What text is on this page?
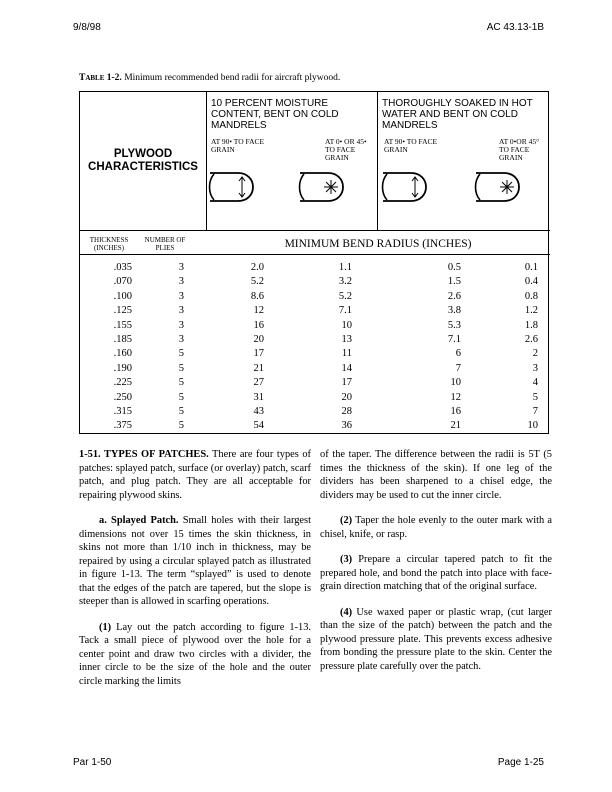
9/8/98	AC 43.13-1B
Table 1-2. Minimum recommended bend radii for aircraft plywood.
10 PERCENT MOISTURE CONTENT, BENT ON COLD MANDRELS
THOROUGHLY SOAKED IN HOT WATER AND BENT ON COLD MANDRELS
AT 90• TO FACE GRAIN
AT 0• OR 45• TO FACE GRAIN
AT 90• TO FACE GRAIN
AT 0•OR 45° TO FACE GRAIN
PLYWOOD CHARACTERISTICS
THICKNESS (INCHES)
NUMBER OF PLIES	MINIMUM BEND RADIUS (INCHES)
.035	3	2.0	1.1	0.5	0.1
.070	3	5.2	3.2	1.5	0.4
.100	3	8.6	5.2	2.6	0.8
.125	3	12	7.1	3.8	1.2
.155	3	16	10	5.3	1.8
.185	3	20	13	7.1	2.6
.160	5	17	11	6	2
.190	5	21	14	7	3
.225	5	27	17	10	4
.250	5	31	20	12	5
.315	5	43	28	16	7
.375	5	54	36	21	10

1-51. TYPES OF PATCHES. There are four types of patches: splayed patch, surface (or overlay) patch, scarf patch, and plug patch. They are all acceptable for repairing plywood skins.

a. Splayed Patch. Small holes with their largest dimensions not over 15 times the skin thickness, in skins not more than 1/10 inch in thickness, may be repaired by using a circular splayed patch as illustrated in figure 1-13. The term “splayed” is used to denote that the edges of the patch are tapered, but the slope is steeper than is allowed in scarfing operations.

(1) Lay out the patch according to figure 1-13. Tack a small piece of plywood over the hole for a center point and draw two circles with a divider, the inner circle to be the size of the hole and the outer circle marking the limits

of the taper. The difference between the radii is 5T (5 times the thickness of the skin). If one leg of the dividers has been sharpened to a chisel edge, the dividers may be used to cut the inner circle.

(2) Taper the hole evenly to the outer mark with a chisel, knife, or rasp.

(3) Prepare a circular tapered patch to fit the prepared hole, and bond the patch into place with face-grain direction matching that of the original surface.

(4) Use waxed paper or plastic wrap, (cut larger than the size of the patch) between the patch and the plywood pressure plate. This prevents excess adhesive from bonding the pressure plate to the skin. Center the pressure plate carefully over the patch.

Par 1-50	Page 1-25
